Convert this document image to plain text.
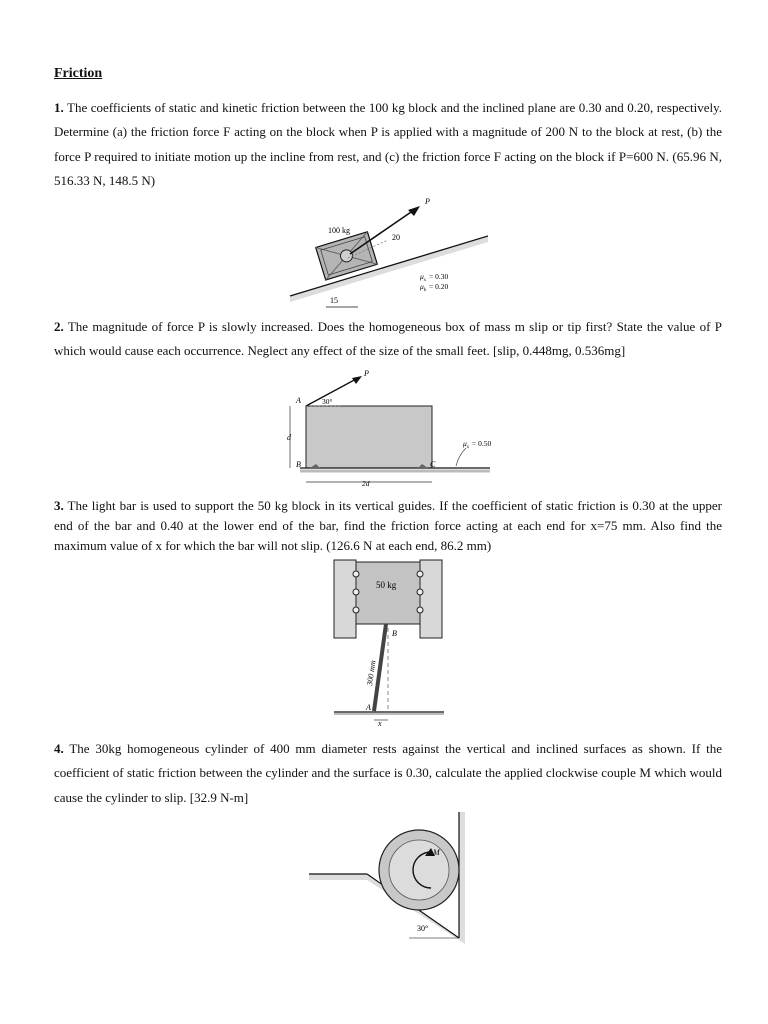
Friction
1. The coefficients of static and kinetic friction between the 100 kg block and the inclined plane are 0.30 and 0.20, respectively. Determine (a) the friction force F acting on the block when P is applied with a magnitude of 200 N to the block at rest, (b) the force P required to initiate motion up the incline from rest, and (c) the friction force F acting on the block if P=600 N. (65.96 N, 516.33 N, 148.5 N)
100 kg
P
20
15
$\mu_s = 0.30$
$\mu_k = 0.20$
2. The magnitude of force P is slowly increased. Does the homogeneous box of mass m slip or tip first? State the value of P which would cause each occurrence. Neglect any effect of the size of the small feet. [slip, 0.448mg, 0.536mg]
A
B	C
P
30°
d
2d
$\mu_s = 0.50$
3. The light bar is used to support the 50 kg block in its vertical guides. If the coefficient of static friction is 0.30 at the upper end of the bar and 0.40 at the lower end of the bar, find the friction force acting at each end for x=75 mm. Also find the maximum value of x for which the bar will not slip. (126.6 N at each end, 86.2 mm)
50 kg
B
A
x
300 mm
4. The 30kg homogeneous cylinder of 400 mm diameter rests against the vertical and inclined surfaces as shown. If the coefficient of static friction between the cylinder and the surface is 0.30, calculate the applied clockwise couple M which would cause the cylinder to slip. [32.9 N-m]
M
30°
